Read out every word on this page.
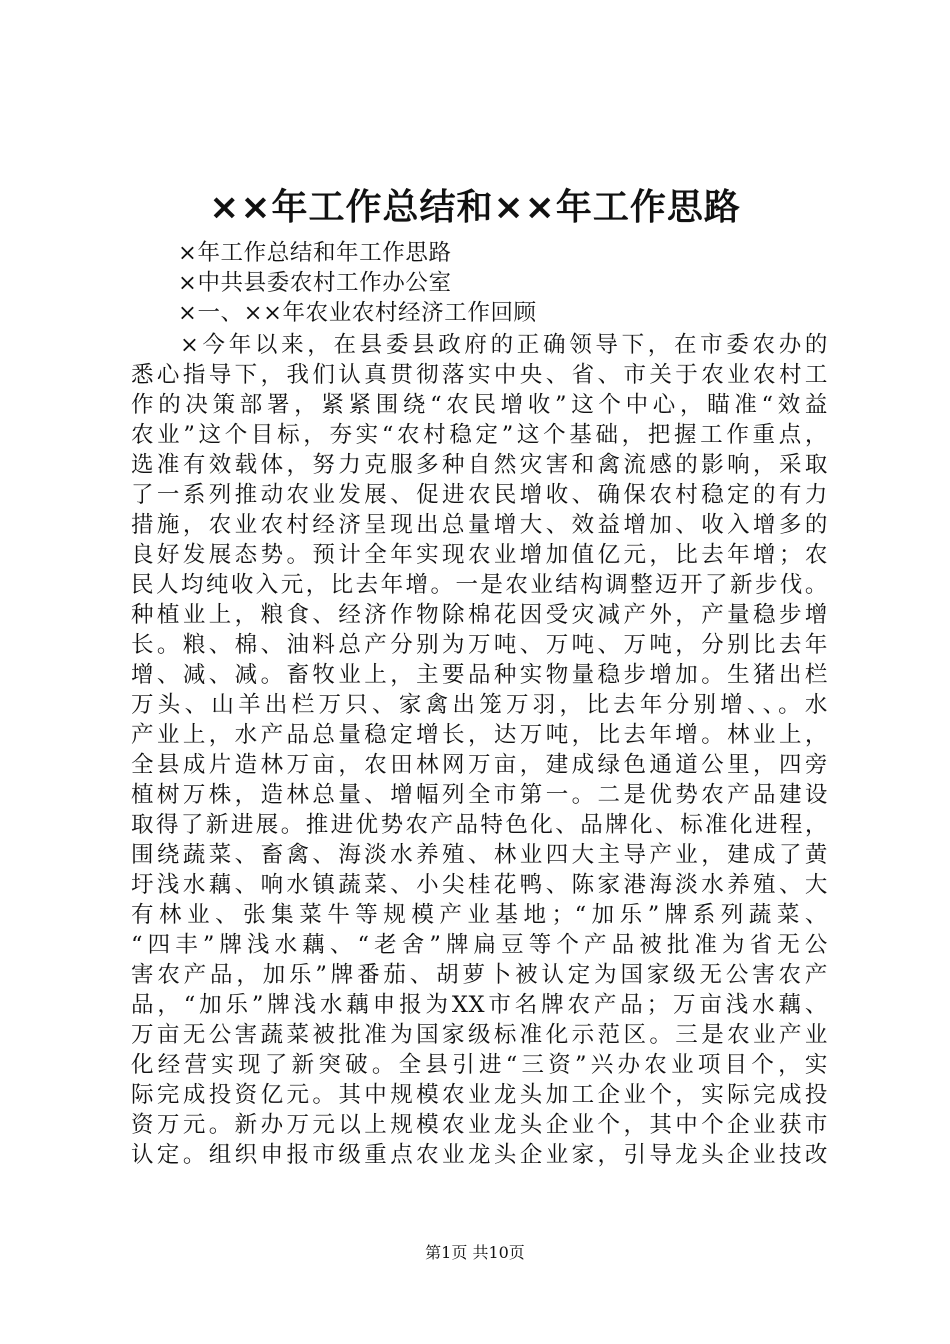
××年工作总结和××年工作思路
×年工作总结和年工作思路
×中共县委农村工作办公室
×一、××年农业农村经济工作回顾
×今年以来，在县委县政府的正确领导下，在市委农办的
悉心指导下，我们认真贯彻落实中央、省、市关于农业农村工
作的决策部署，紧紧围绕“农民增收”这个中心，瞄准“效益
农业”这个目标，夯实“农村稳定”这个基础，把握工作重点，
选准有效载体，努力克服多种自然灾害和禽流感的影响，采取
了一系列推动农业发展、促进农民增收、确保农村稳定的有力
措施，农业农村经济呈现出总量增大、效益增加、收入增多的
良好发展态势。预计全年实现农业增加值亿元，比去年增；农
民人均纯收入元，比去年增。一是农业结构调整迈开了新步伐。
种植业上，粮食、经济作物除棉花因受灾减产外，产量稳步增
长。粮、棉、油料总产分别为万吨、万吨、万吨，分别比去年
增、减、减。畜牧业上，主要品种实物量稳步增加。生猪出栏
万头、山羊出栏万只、家禽出笼万羽，比去年分别增、、。水
产业上，水产品总量稳定增长，达万吨，比去年增。林业上，
全县成片造林万亩，农田林网万亩，建成绿色通道公里，四旁
植树万株，造林总量、增幅列全市第一。二是优势农产品建设
取得了新进展。推进优势农产品特色化、品牌化、标准化进程，
围绕蔬菜、畜禽、海淡水养殖、林业四大主导产业，建成了黄
圩浅水藕、响水镇蔬菜、小尖桂花鸭、陈家港海淡水养殖、大
有林业、张集菜牛等规模产业基地；“加乐”牌系列蔬菜、
“四丰”牌浅水藕、“老舍”牌扁豆等个产品被批准为省无公
害农产品，加乐”牌番茄、胡萝卜被认定为国家级无公害农产
品，“加乐”牌浅水藕申报为XX市名牌农产品；万亩浅水藕、
万亩无公害蔬菜被批准为国家级标准化示范区。三是农业产业
化经营实现了新突破。全县引进“三资”兴办农业项目个，实
际完成投资亿元。其中规模农业龙头加工企业个，实际完成投
资万元。新办万元以上规模农业龙头企业个，其中个企业获市
认定。组织申报市级重点农业龙头企业家，引导龙头企业技改
第1页 共10页
